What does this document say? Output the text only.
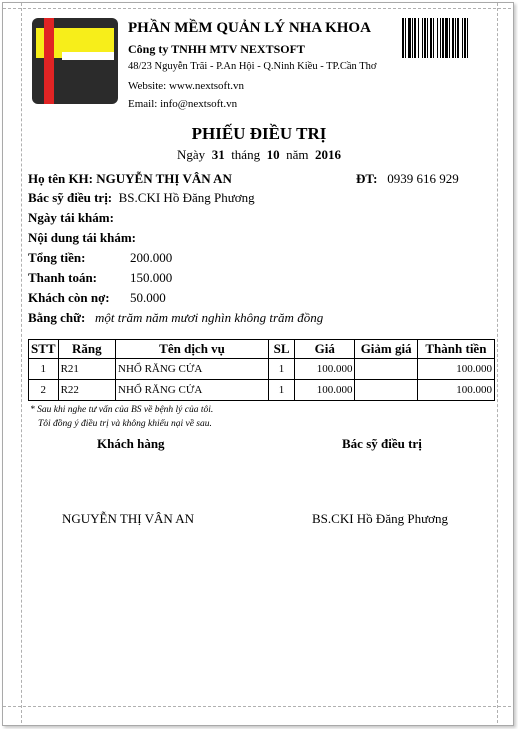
PHẦN MỀM QUẢN LÝ NHA KHOA
Công ty TNHH MTV NEXTSOFT
48/23 Nguyễn Trãi - P.An Hội - Q.Ninh Kiều - TP.Cần Thơ
Website: www.nextsoft.vn
Email: info@nextsoft.vn
PHIẾU ĐIỀU TRỊ
Ngày 31 tháng 10 năm 2016
Họ tên KH: NGUYỄN THỊ VÂN AN	ĐT: 0939 616 929
Bác sỹ điều trị: BS.CKI Hồ Đăng Phương
Ngày tái khám:
Nội dung tái khám:
Tổng tiền:	200.000
Thanh toán:	150.000
Khách còn nợ: 50.000
Bằng chữ: một trăm năm mươi nghìn không trăm đồng
STT	Răng	Tên dịch vụ	SL	Giá	Giảm giá	Thành tiền
1	R21	NHỔ RĂNG CỬA	1	100.000		100.000
2	R22	NHỔ RĂNG CỬA	1	100.000		100.000
* Sau khi nghe tư vấn của BS về bệnh lý của tôi.
Tôi đồng ý điều trị và không khiếu nại về sau.
Khách hàng	Bác sỹ điều trị
NGUYỄN THỊ VÂN AN	BS.CKI Hồ Đăng Phương
